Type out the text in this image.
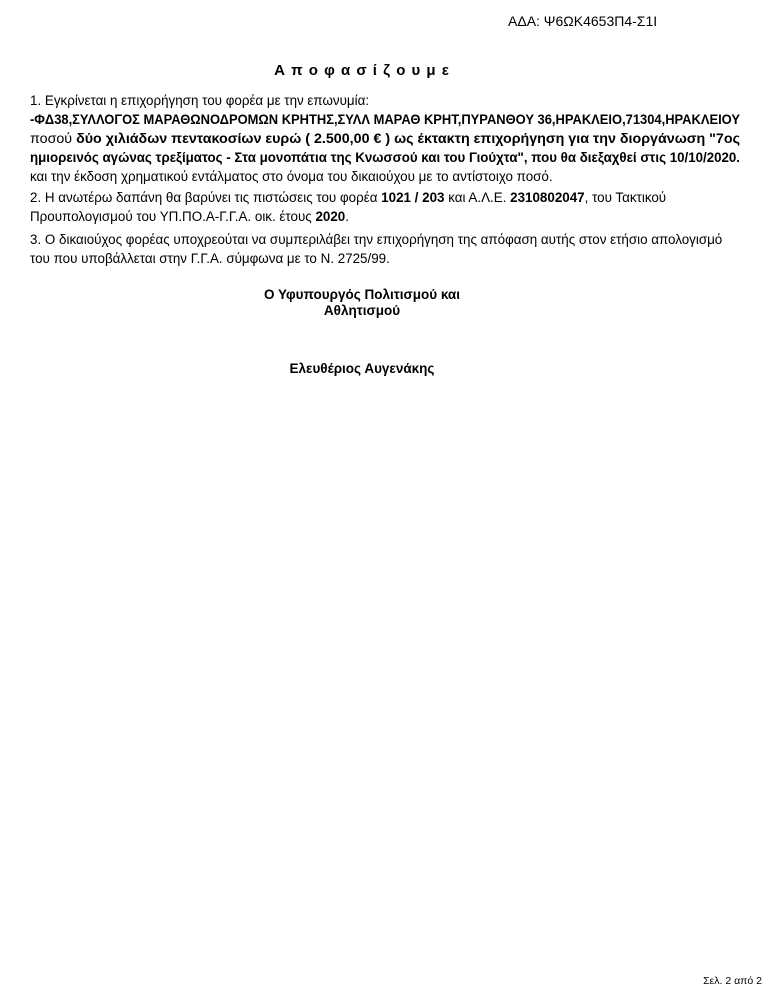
ΑΔΑ: Ψ6ΩΚ4653Π4-Σ1Ι
Α π ο φ α σ ί ζ ο υ μ ε
1. Εγκρίνεται η επιχορήγηση του φορέα με την επωνυμία:
-ΦΔ38,ΣΥΛΛΟΓΟΣ ΜΑΡΑΘΩΝΟΔΡΟΜΩΝ ΚΡΗΤΗΣ,ΣΥΛΛ ΜΑΡΑΘ ΚΡΗΤ,ΠΥΡΑΝΘΟΥ 36,ΗΡΑΚΛΕΙΟ,71304,ΗΡΑΚΛΕΙΟΥ
ποσού δύο χιλιάδων πεντακοσίων ευρώ ( 2.500,00 € ) ως έκτακτη επιχορήγηση για την διοργάνωση "7ος
ημιορεινός αγώνας τρεξίματος - Στα μονοπάτια της Κνωσσού και του Γιούχτα", που θα διεξαχθεί στις 10/10/2020.
και την έκδοση χρηματικού εντάλματος στο όνομα του δικαιούχου με το αντίστοιχο ποσό.
2. Η ανωτέρω δαπάνη θα βαρύνει τις πιστώσεις του φορέα 1021 / 203 και Α.Λ.Ε. 2310802047, του Τακτικού Προυπολογισμού του ΥΠ.ΠΟ.Α-Γ.Γ.Α. οικ. έτους 2020.
3. Ο δικαιούχος φορέας υποχρεούται να συμπεριλάβει την επιχορήγηση της απόφαση αυτής στον ετήσιο απολογισμό του που υποβάλλεται στην Γ.Γ.Α. σύμφωνα με το Ν. 2725/99.
Ο Υφυπουργός Πολιτισμού και
Αθλητισμού
Ελευθέριος Αυγενάκης
Σελ. 2 από 2
